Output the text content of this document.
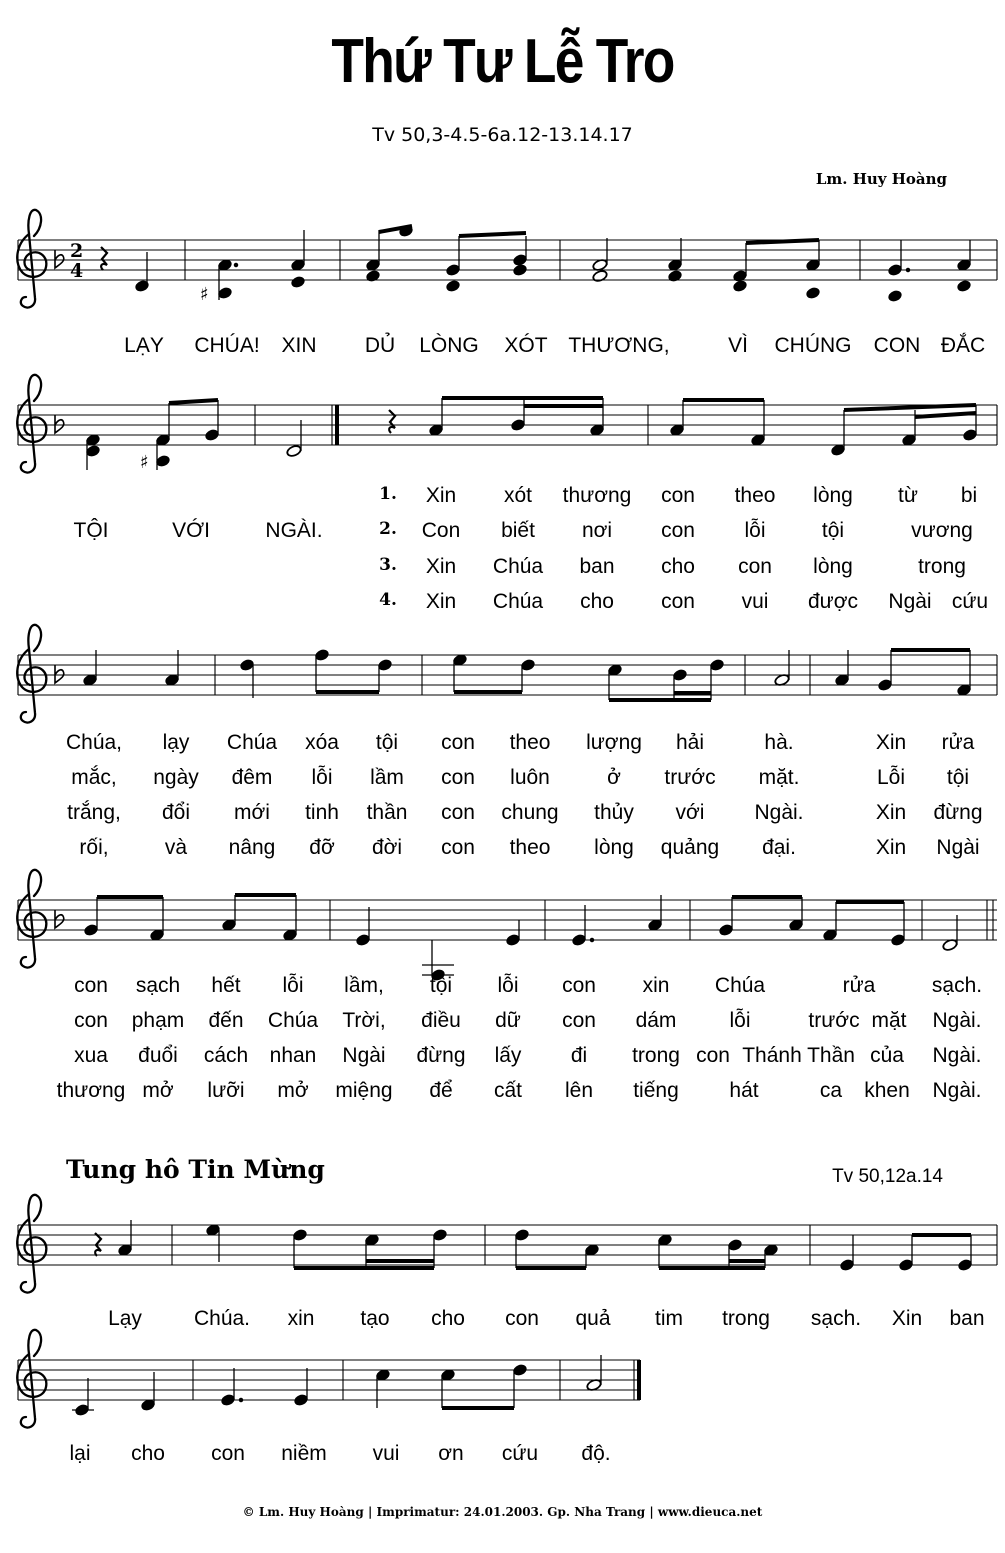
Thứ Tư Lễ Tro
Tv 50,3-4.5-6a.12-13.14.17
Lm. Huy Hoàng
2
4
♯
♯
LẠY CHÚA! XIN DỦ LÒNG XÓT THƯƠNG,	VÌ CHÚNG CON ĐẮC
1. Xin xót thương con theo lòng từ bi
TỘI	VỚI	NGÀI.	2. Con biết nơi con lỗi	tội	vương
3. Xin Chúa ban cho con lòng	trong
4. Xin Chúa cho con vui được Ngài cứu
Chúa, lạy Chúa xóa tội con theo lượng hải	hà.	Xin rửa
mắc, ngày đêm lỗi lầm con luôn	ở trước mặt.	Lỗi tội
trắng, đổi mới tinh thần con chung thủy với Ngài.	Xin đừng
rối,	và nâng đỡ đời con theo lòng quảng đại.	Xin Ngài
con sạch hết lỗi lầm, tội lỗi con xin Chúa	rửa	sạch.
con phạm đến Chúa Trời, điều dữ con dám	lỗi	trước mặt Ngài.
xua đuổi cách nhan Ngài đừng lấy đi trong con Thánh Thần của Ngài.
thương mở lưỡi mở miệng để cất lên tiếng hát	ca khen Ngài.
Tung hô Tin Mừng	Tv 50,12a.14
Lạy Chúa. xin tạo cho con quả tim trong sạch. Xin ban
lại cho con niềm vui ơn cứu độ.
© Lm. Huy Hoàng | Imprimatur: 24.01.2003. Gp. Nha Trang | www.dieuca.net
